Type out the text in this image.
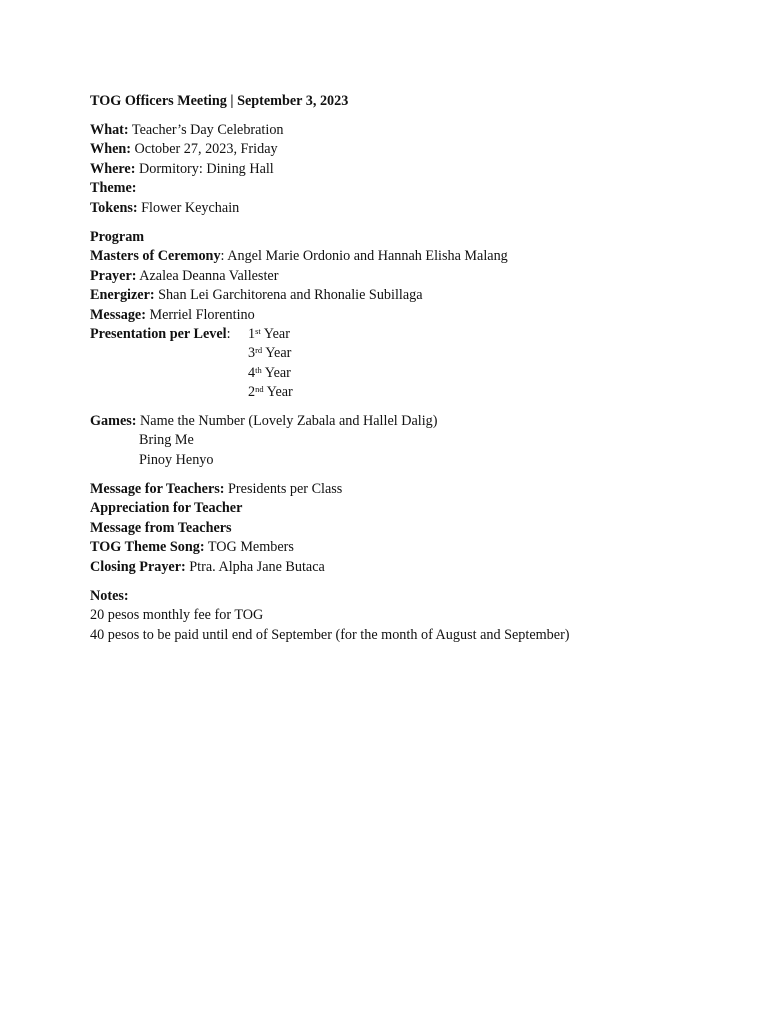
TOG Officers Meeting | September 3, 2023
What: Teacher’s Day Celebration
When: October 27, 2023, Friday
Where: Dormitory: Dining Hall
Theme:
Tokens: Flower Keychain
Program
Masters of Ceremony: Angel Marie Ordonio and Hannah Elisha Malang
Prayer: Azalea Deanna Vallester
Energizer: Shan Lei Garchitorena and Rhonalie Subillaga
Message: Merriel Florentino
Presentation per Level:	1st Year
3rd Year
4th Year
2nd Year
Games: Name the Number (Lovely Zabala and Hallel Dalig)
Bring Me
Pinoy Henyo
Message for Teachers: Presidents per Class
Appreciation for Teacher
Message from Teachers
TOG Theme Song: TOG Members
Closing Prayer: Ptra. Alpha Jane Butaca
Notes:
20 pesos monthly fee for TOG
40 pesos to be paid until end of September (for the month of August and September)
